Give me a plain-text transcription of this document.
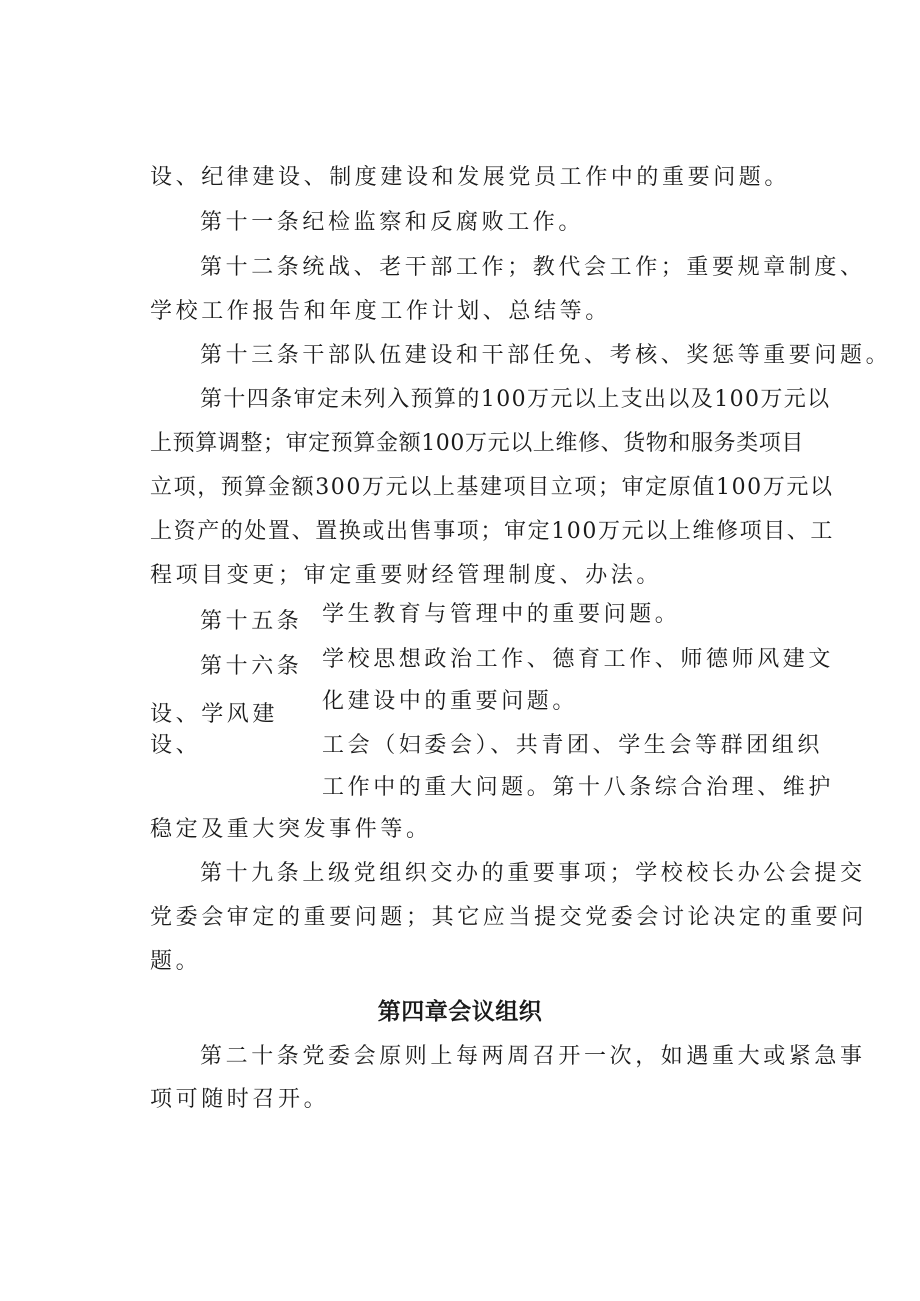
设、纪律建设、制度建设和发展党员工作中的重要问题。
第十一条纪检监察和反腐败工作。
第十二条统战、老干部工作；教代会工作；重要规章制度、
学校工作报告和年度工作计划、总结等。
第十三条干部队伍建设和干部任免、考核、奖惩等重要问题。
第十四条审定未列入预算的100万元以上支出以及100万元以
上预算调整；审定预算金额100万元以上维修、货物和服务类项目
立项，预算金额300万元以上基建项目立项；审定原值100万元以
上资产的处置、置换或出售事项；审定100万元以上维修项目、工
程项目变更；审定重要财经管理制度、办法。
第十五条 学生教育与管理中的重要问题。
第十六条 学校思想政治工作、德育工作、师德师风建文
化建设中的重要问题。
设、学风建
设、	工会（妇委会）、共青团、学生会等群团组织
工作中的重大问题。第十八条综合治理、维护
稳定及重大突发事件等。
第十九条上级党组织交办的重要事项；学校校长办公会提交
党委会审定的重要问题；其它应当提交党委会讨论决定的重要问
题。
第四章会议组织
第二十条党委会原则上每两周召开一次，如遇重大或紧急事
项可随时召开。
